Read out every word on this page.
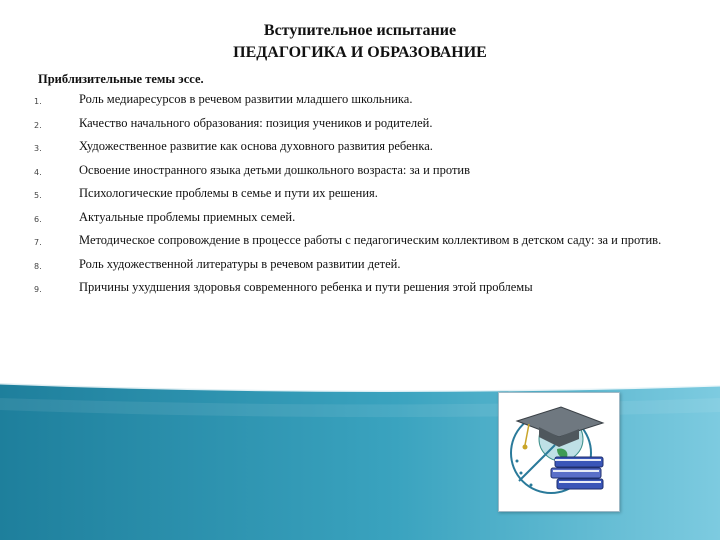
Вступительное испытание
ПЕДАГОГИКА И ОБРАЗОВАНИЕ
Приблизительные темы эссе.
1.	Роль медиаресурсов в речевом развитии младшего школьника.
2.	Качество начального образования: позиция учеников и родителей.
3.	Художественное развитие как основа духовного развития ребенка.
4.	Освоение иностранного языка детьми дошкольного возраста: за и против
5.	Психологические проблемы в семье и пути их решения.
6.	Актуальные проблемы приемных семей.
7.	Методическое сопровождение в процессе работы с педагогическим коллективом в детском саду: за и против.
8.	Роль художественной литературы в речевом развитии детей.
9.	Причины ухудшения здоровья современного ребенка и пути решения этой проблемы
